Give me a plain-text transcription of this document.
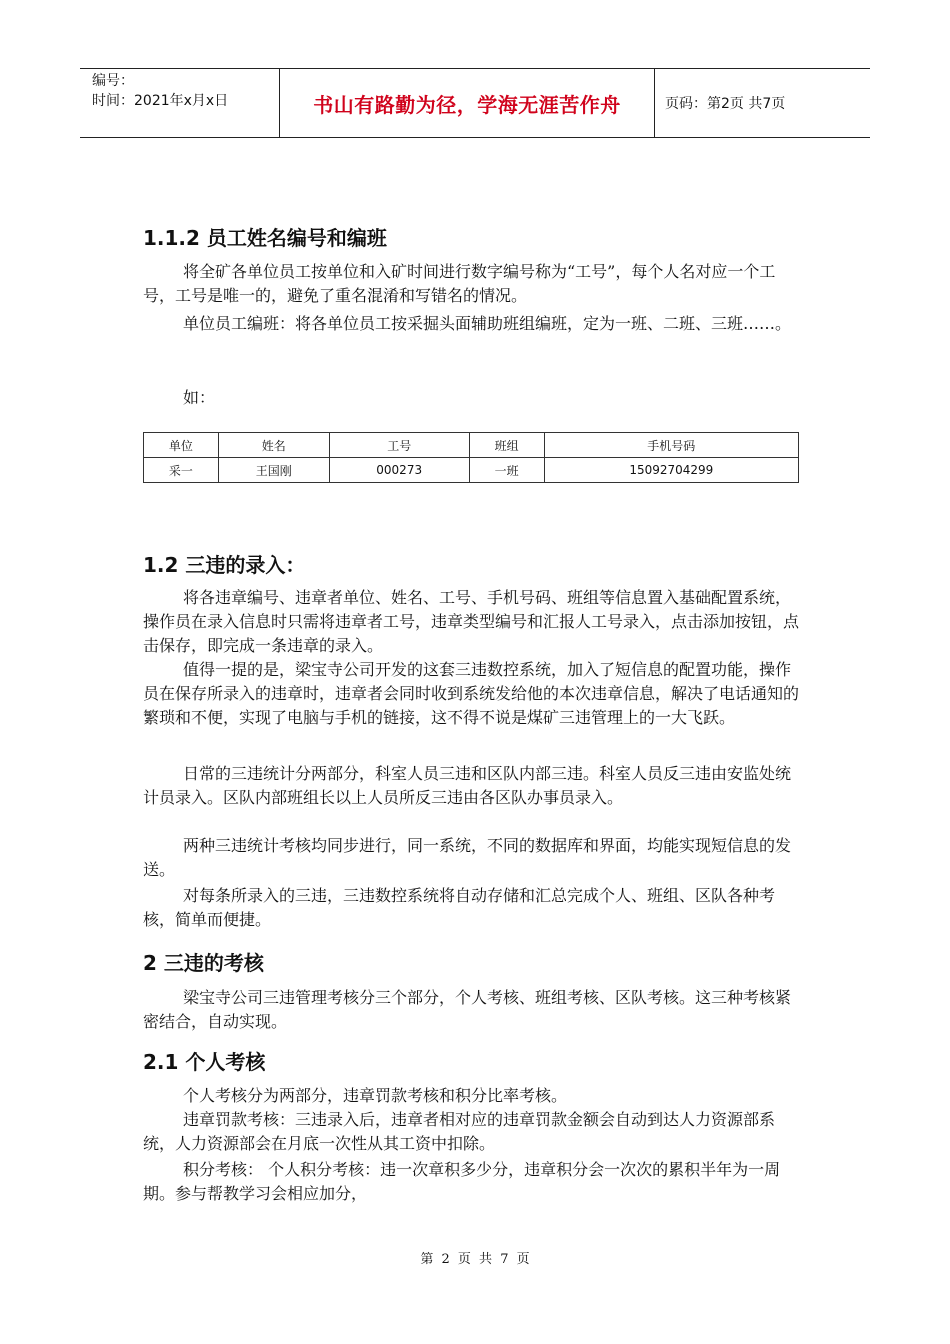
编号：
时间：2021年x月x日	书山有路勤为径，学海无涯苦作舟	页码：第2页 共7页
1.1.2 员工姓名编号和编班

将全矿各单位员工按单位和入矿时间进行数字编号称为“工号”，每个人名对应一个工号，工号是唯一的，避免了重名混淆和写错名的情况。

单位员工编班：将各单位员工按采掘头面辅助班组编班，定为一班、二班、三班……。

如：

1.2 三违的录入：

将各违章编号、违章者单位、姓名、工号、手机号码、班组等信息置入基础配置系统，操作员在录入信息时只需将违章者工号，违章类型编号和汇报人工号录入，点击添加按钮，点击保存，即完成一条违章的录入。

值得一提的是，梁宝寺公司开发的这套三违数控系统，加入了短信息的配置功能，操作员在保存所录入的违章时，违章者会同时收到系统发给他的本次违章信息，解决了电话通知的繁琐和不便，实现了电脑与手机的链接，这不得不说是煤矿三违管理上的一大飞跃。

日常的三违统计分两部分，科室人员三违和区队内部三违。科室人员反三违由安监处统计员录入。区队内部班组长以上人员所反三违由各区队办事员录入。

两种三违统计考核均同步进行，同一系统，不同的数据库和界面，均能实现短信息的发送。

对每条所录入的三违，三违数控系统将自动存储和汇总完成个人、班组、区队各种考核，简单而便捷。

2 三违的考核

梁宝寺公司三违管理考核分三个部分，个人考核、班组考核、区队考核。这三种考核紧密结合，自动实现。

2.1 个人考核

个人考核分为两部分，违章罚款考核和积分比率考核。

违章罚款考核：三违录入后，违章者相对应的违章罚款金额会自动到达人力资源部系统，人力资源部会在月底一次性从其工资中扣除。

积分考核： 个人积分考核：违一次章积多少分，违章积分会一次次的累积半年为一周期。参与帮教学习会相应加分，

单位	姓名	工号	班组	手机号码
采一	王国刚	000273	一班	15092704299
第 2 页 共 7 页
